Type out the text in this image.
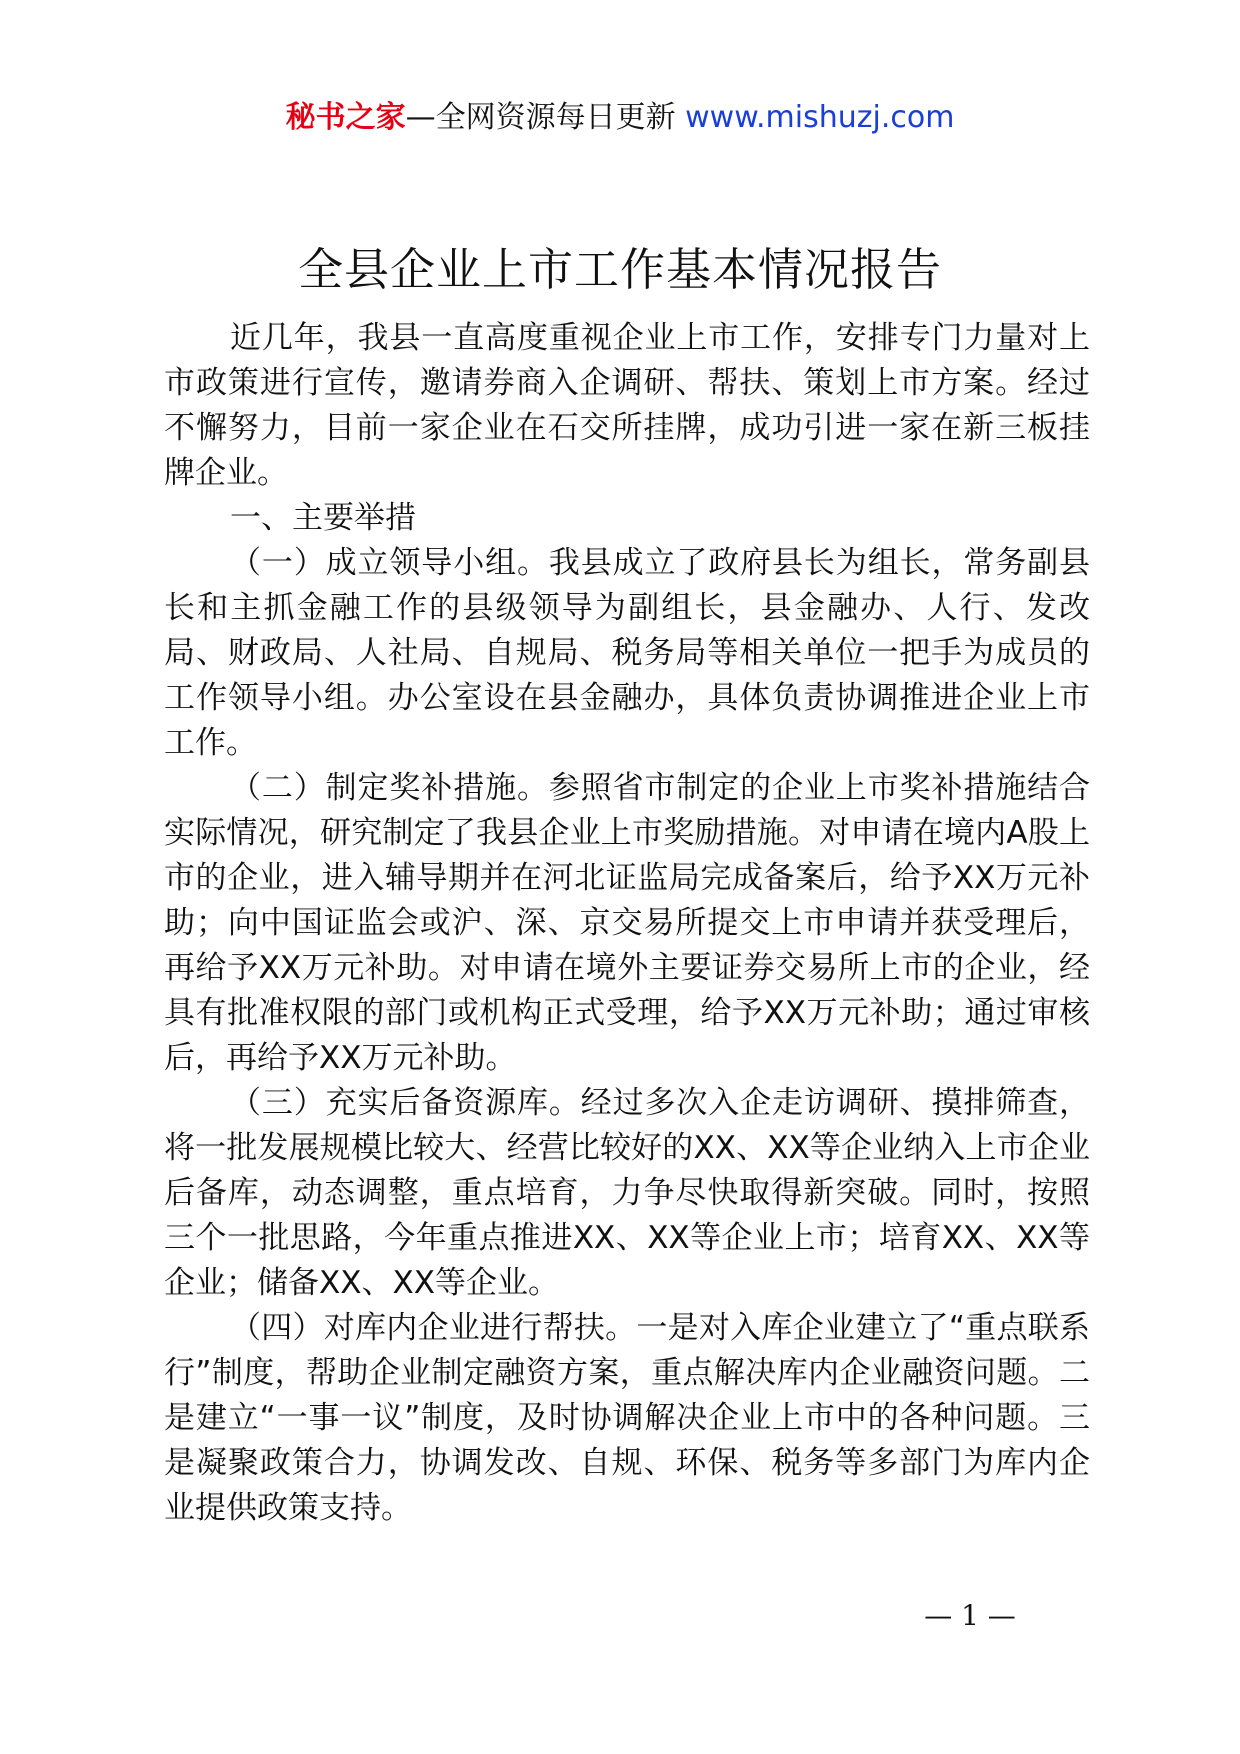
秘书之家—全网资源每日更新 www.mishuzj.com
全县企业上市工作基本情况报告

近几年，我县一直高度重视企业上市工作，安排专门力量对上市政策进行宣传，邀请券商入企调研、帮扶、策划上市方案。经过不懈努力，目前一家企业在石交所挂牌，成功引进一家在新三板挂牌企业。

一、主要举措

（一）成立领导小组。我县成立了政府县长为组长，常务副县长和主抓金融工作的县级领导为副组长，县金融办、人行、发改局、财政局、人社局、自规局、税务局等相关单位一把手为成员的工作领导小组。办公室设在县金融办，具体负责协调推进企业上市工作。

（二）制定奖补措施。参照省市制定的企业上市奖补措施结合实际情况，研究制定了我县企业上市奖励措施。对申请在境内A股上市的企业，进入辅导期并在河北证监局完成备案后，给予XX万元补助；向中国证监会或沪、深、京交易所提交上市申请并获受理后，再给予XX万元补助。对申请在境外主要证券交易所上市的企业，经具有批准权限的部门或机构正式受理，给予XX万元补助；通过审核后，再给予XX万元补助。

（三）充实后备资源库。经过多次入企走访调研、摸排筛查，将一批发展规模比较大、经营比较好的XX、XX等企业纳入上市企业后备库，动态调整，重点培育，力争尽快取得新突破。同时，按照三个一批思路，今年重点推进XX、XX等企业上市；培育XX、XX等企业；储备XX、XX等企业。

（四）对库内企业进行帮扶。一是对入库企业建立了“重点联系行”制度，帮助企业制定融资方案，重点解决库内企业融资问题。二是建立“一事一议”制度，及时协调解决企业上市中的各种问题。三是凝聚政策合力，协调发改、自规、环保、税务等多部门为库内企业提供政策支持。

— 1 —
